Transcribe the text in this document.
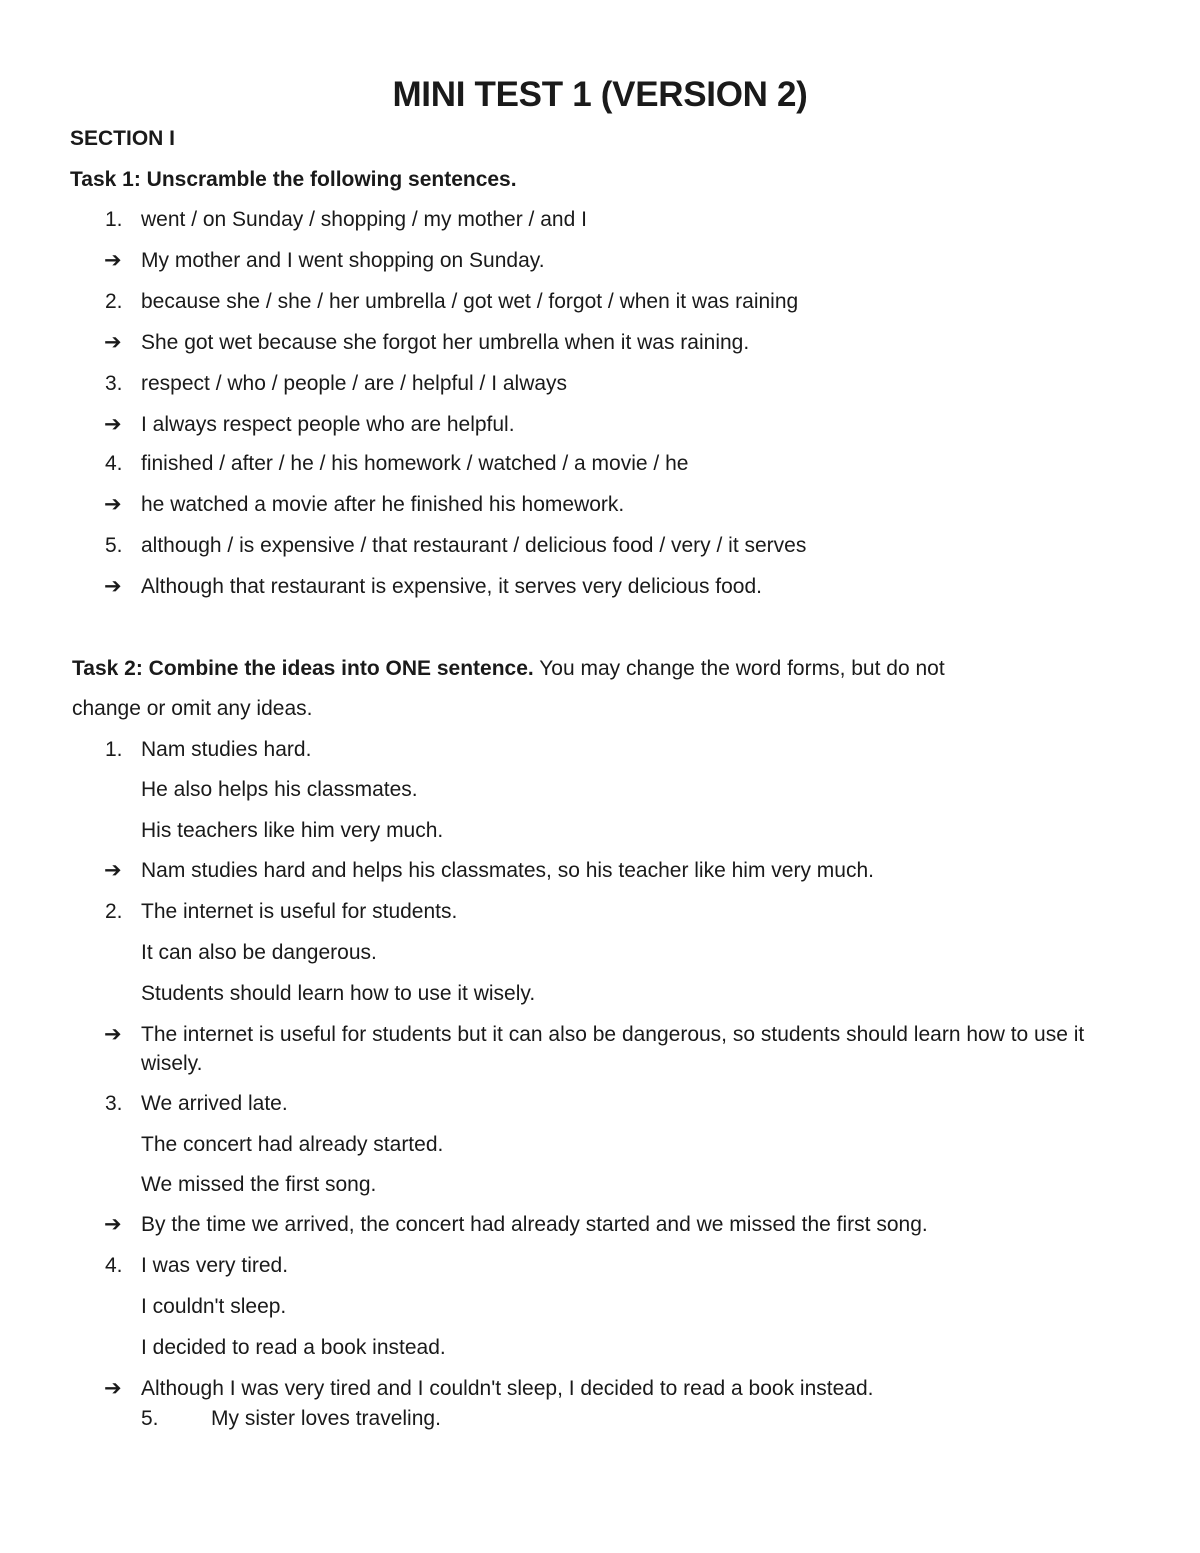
MINI TEST 1 (VERSION 2)
SECTION I
Task 1: Unscramble the following sentences.
1. went / on Sunday / shopping / my mother / and I
➔ My mother and I went shopping on Sunday.
2. because she / she / her umbrella / got wet / forgot / when it was raining
➔ She got wet because she forgot her umbrella when it was raining.
3. respect / who / people / are / helpful / I always
➔ I always respect people who are helpful.
4. finished / after / he / his homework / watched / a movie / he
➔ he watched a movie after he finished his homework.
5. although / is expensive / that restaurant / delicious food / very / it serves
➔ Although that restaurant is expensive, it serves very delicious food.
Task 2: Combine the ideas into ONE sentence. You may change the word forms, but do not
change or omit any ideas.
1. Nam studies hard.
He also helps his classmates.
His teachers like him very much.
➔ Nam studies hard and helps his classmates, so his teacher like him very much.
2. The internet is useful for students.
It can also be dangerous.
Students should learn how to use it wisely.
➔ The internet is useful for students but it can also be dangerous, so students should learn how to use it wisely.
3. We arrived late.
The concert had already started.
We missed the first song.
➔ By the time we arrived, the concert had already started and we missed the first song.
4. I was very tired.
I couldn't sleep.
I decided to read a book instead.
➔ Although I was very tired and I couldn't sleep, I decided to read a book instead.
5. My sister loves traveling.
